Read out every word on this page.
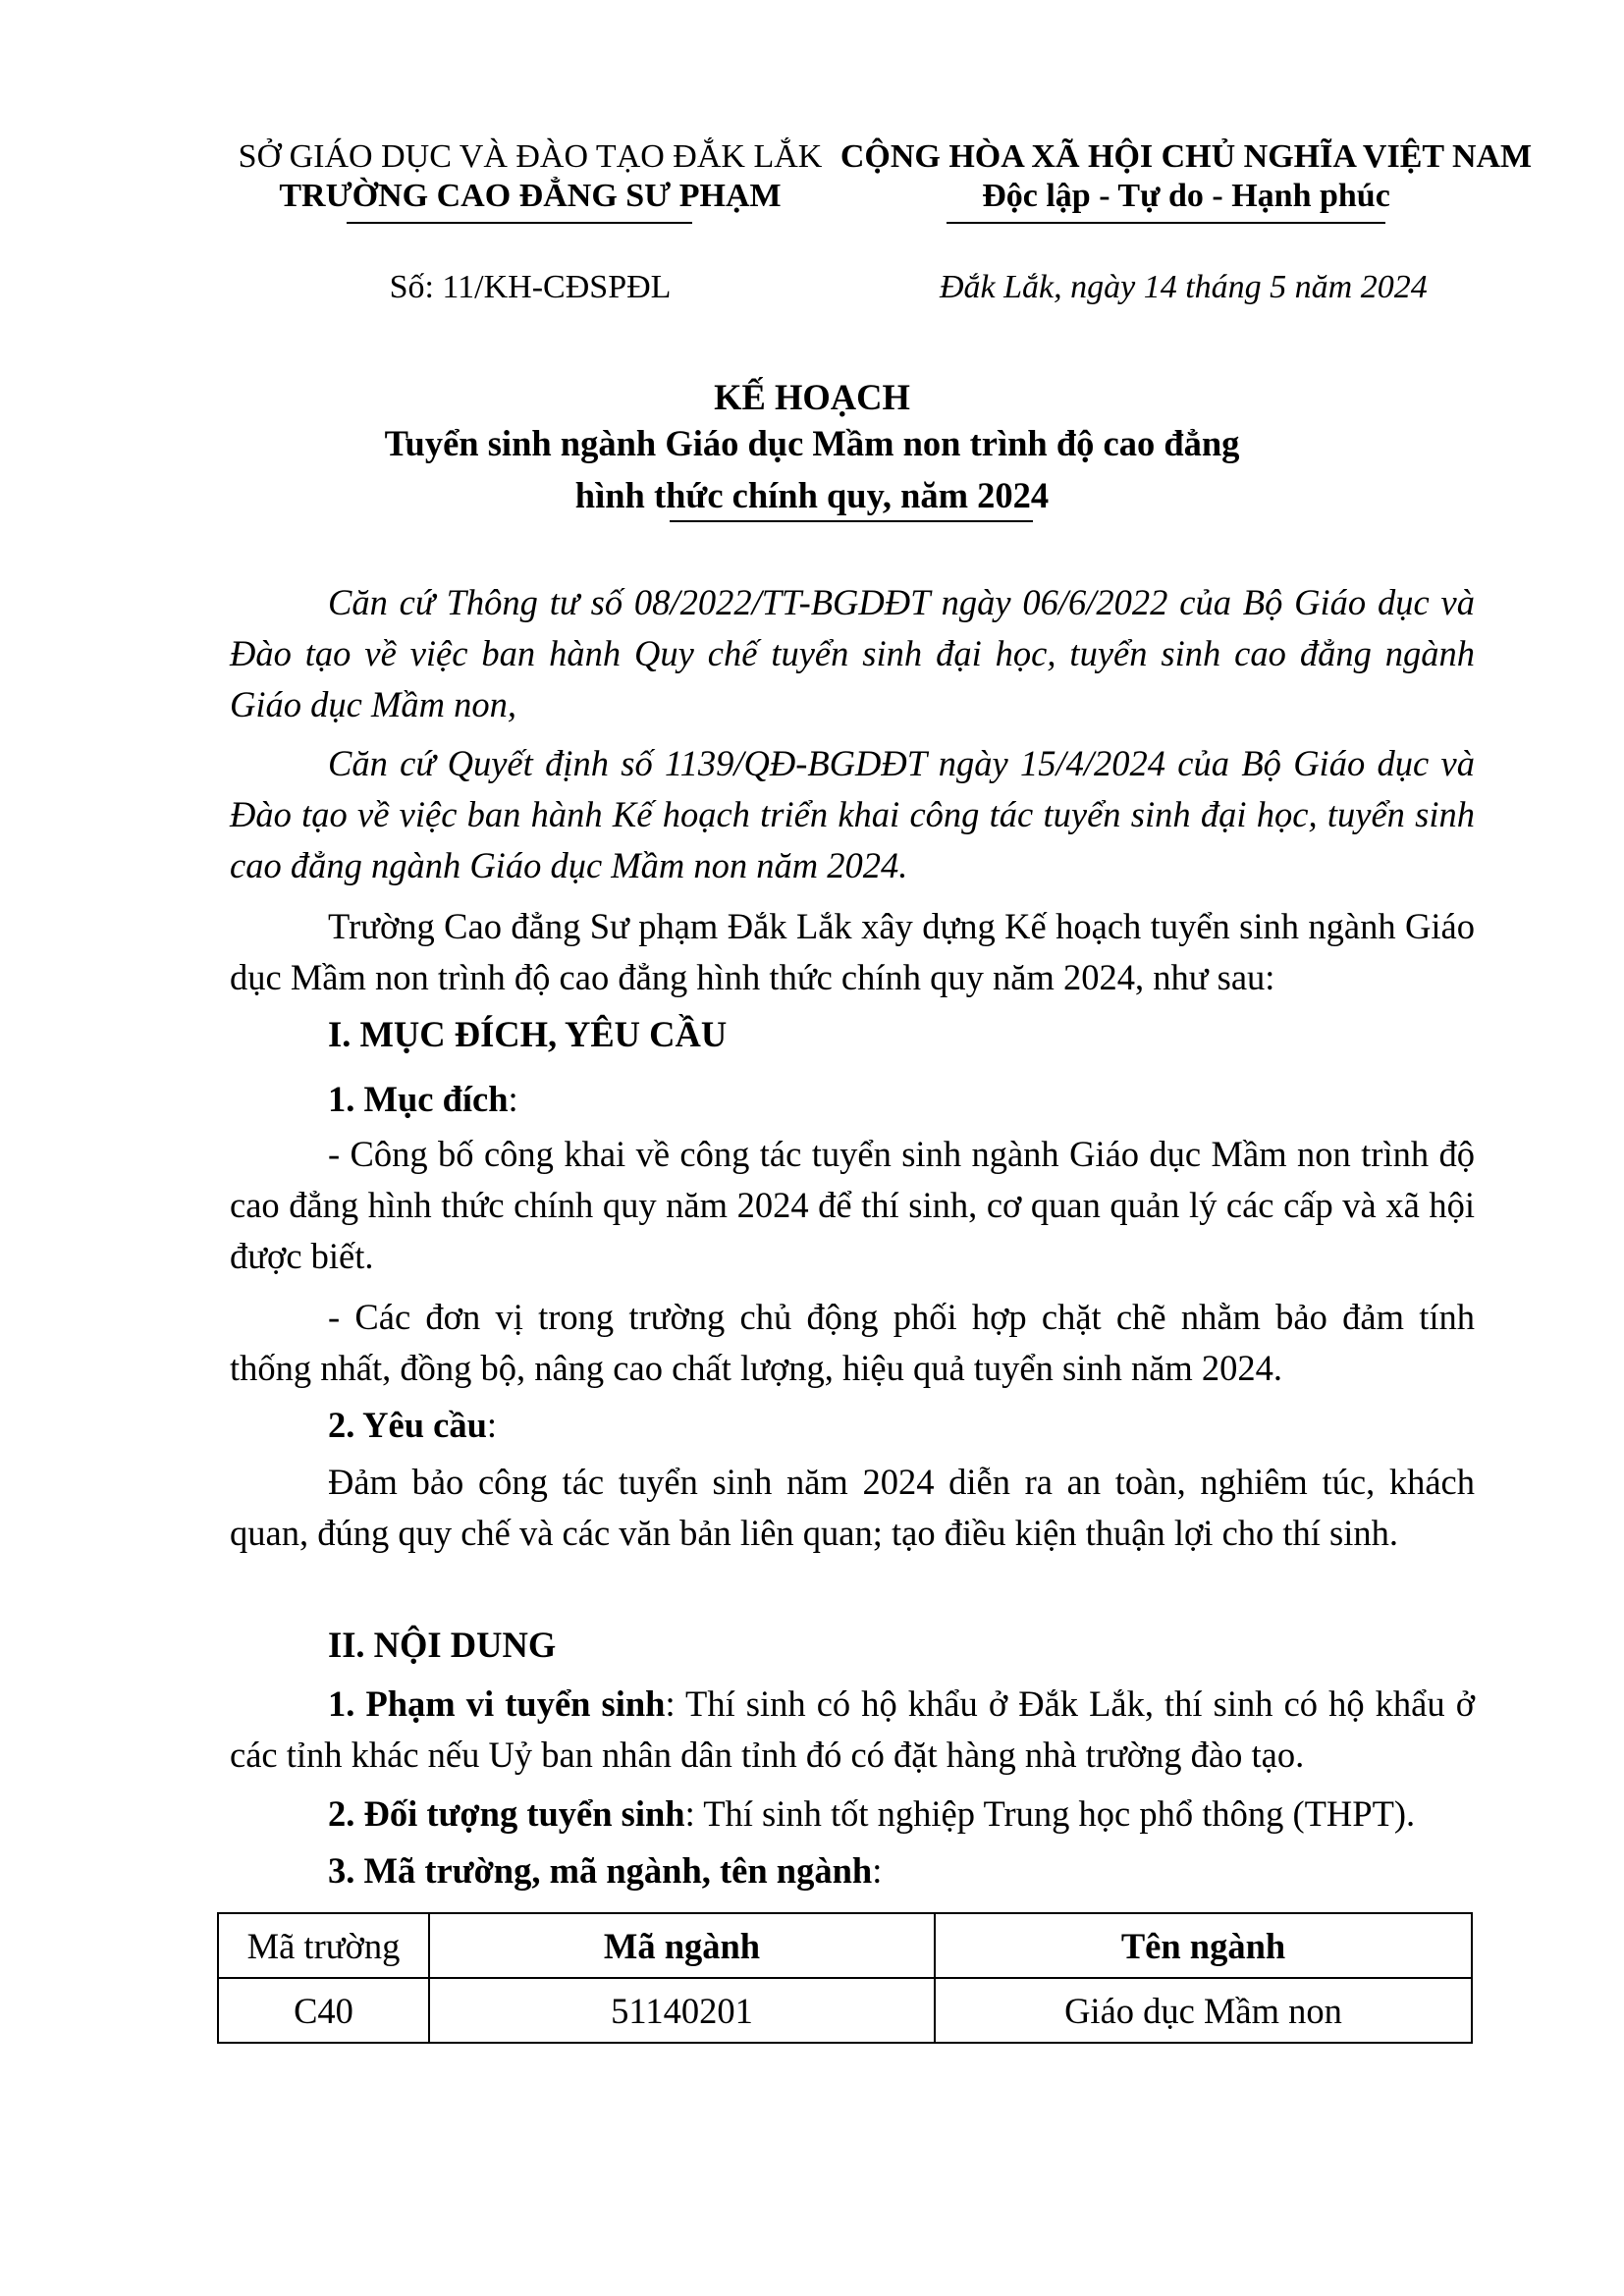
SỞ GIÁO DỤC VÀ ĐÀO TẠO ĐẮK LẮK
TRƯỜNG CAO ĐẲNG SƯ PHẠM
CỘNG HÒA XÃ HỘI CHỦ NGHĨA VIỆT NAM
Độc lập - Tự do - Hạnh phúc
Số: 11/KH-CĐSPĐL	Đắk Lắk, ngày 14 tháng 5 năm 2024
KẾ HOẠCH
Tuyển sinh ngành Giáo dục Mầm non trình độ cao đẳng
hình thức chính quy, năm 2024

Căn cứ Thông tư số 08/2022/TT-BGDĐT ngày 06/6/2022 của Bộ Giáo dục và Đào tạo về việc ban hành Quy chế tuyển sinh đại học, tuyển sinh cao đẳng ngành Giáo dục Mầm non,

Căn cứ Quyết định số 1139/QĐ-BGDĐT ngày 15/4/2024 của Bộ Giáo dục và Đào tạo về việc ban hành Kế hoạch triển khai công tác tuyển sinh đại học, tuyển sinh cao đẳng ngành Giáo dục Mầm non năm 2024.

Trường Cao đẳng Sư phạm Đắk Lắk xây dựng Kế hoạch tuyển sinh ngành Giáo dục Mầm non trình độ cao đẳng hình thức chính quy năm 2024, như sau:

I. MỤC ĐÍCH, YÊU CẦU

1. Mục đích:

- Công bố công khai về công tác tuyển sinh ngành Giáo dục Mầm non trình độ cao đẳng hình thức chính quy năm 2024 để thí sinh, cơ quan quản lý các cấp và xã hội được biết.

- Các đơn vị trong trường chủ động phối hợp chặt chẽ nhằm bảo đảm tính thống nhất, đồng bộ, nâng cao chất lượng, hiệu quả tuyển sinh năm 2024.

2. Yêu cầu:

Đảm bảo công tác tuyển sinh năm 2024 diễn ra an toàn, nghiêm túc, khách quan, đúng quy chế và các văn bản liên quan; tạo điều kiện thuận lợi cho thí sinh.

II. NỘI DUNG

1. Phạm vi tuyển sinh: Thí sinh có hộ khẩu ở Đắk Lắk, thí sinh có hộ khẩu ở các tỉnh khác nếu Uỷ ban nhân dân tỉnh đó có đặt hàng nhà trường đào tạo.

2. Đối tượng tuyển sinh: Thí sinh tốt nghiệp Trung học phổ thông (THPT).

3. Mã trường, mã ngành, tên ngành:

Mã trường	Mã ngành	Tên ngành
C40	51140201	Giáo dục Mầm non
